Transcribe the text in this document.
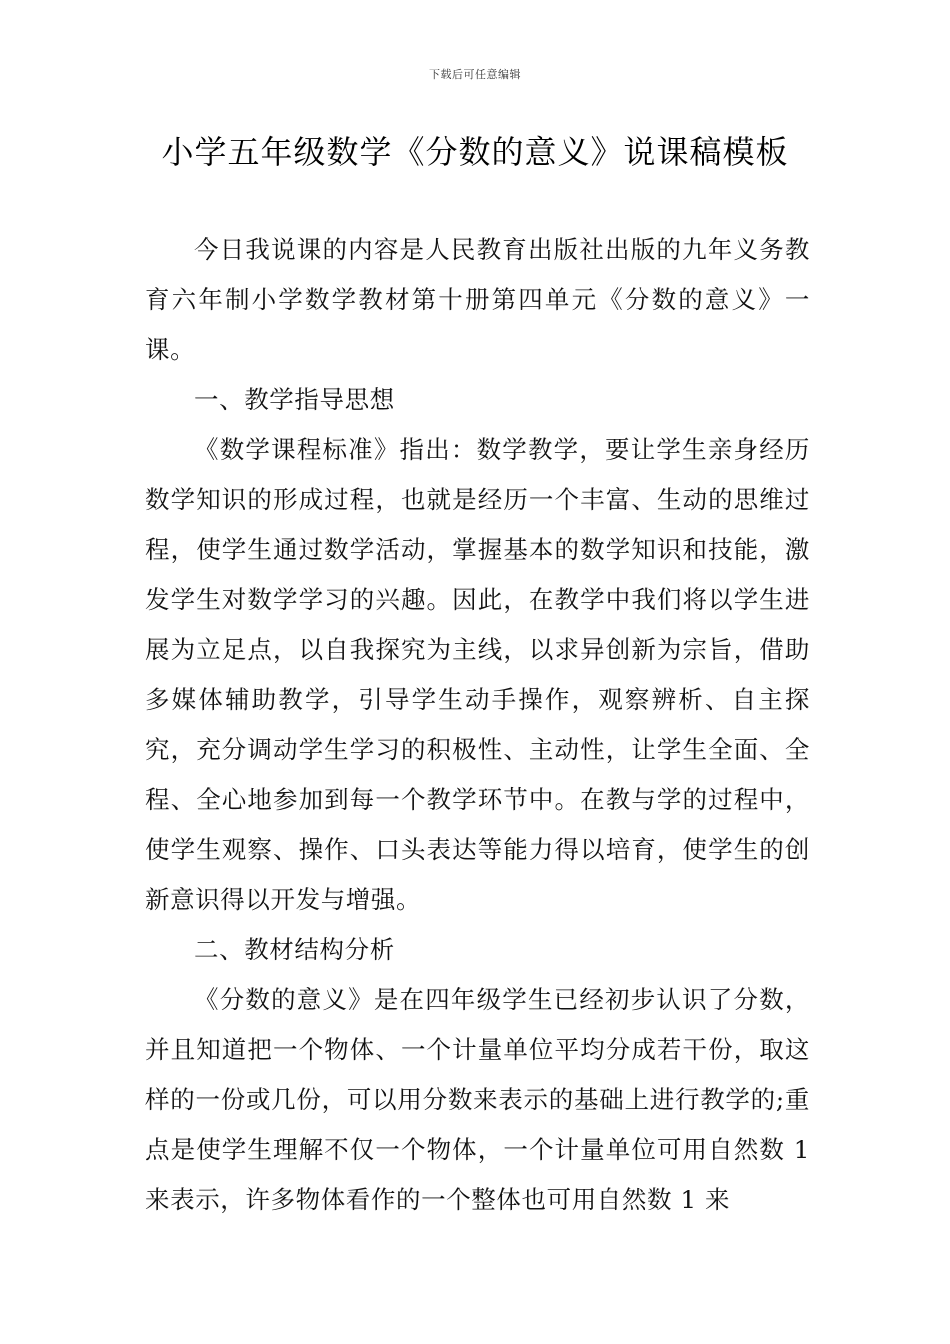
下载后可任意编辑
小学五年级数学《分数的意义》说课稿模板

今日我说课的内容是人民教育出版社出版的九年义务教育六年制小学数学教材第十册第四单元《分数的意义》一课。

一、教学指导思想

《数学课程标准》指出：数学教学，要让学生亲身经历数学知识的形成过程，也就是经历一个丰富、生动的思维过程，使学生通过数学活动，掌握基本的数学知识和技能，激发学生对数学学习的兴趣。因此，在教学中我们将以学生进展为立足点，以自我探究为主线，以求异创新为宗旨，借助多媒体辅助教学，引导学生动手操作，观察辨析、自主探究，充分调动学生学习的积极性、主动性，让学生全面、全程、全心地参加到每一个教学环节中。在教与学的过程中，使学生观察、操作、口头表达等能力得以培育，使学生的创新意识得以开发与增强。

二、教材结构分析

《分数的意义》是在四年级学生已经初步认识了分数，并且知道把一个物体、一个计量单位平均分成若干份，取这样的一份或几份，可以用分数来表示的基础上进行教学的;重点是使学生理解不仅一个物体，一个计量单位可用自然数 1 来表示，许多物体看作的一个整体也可用自然数 1 来
